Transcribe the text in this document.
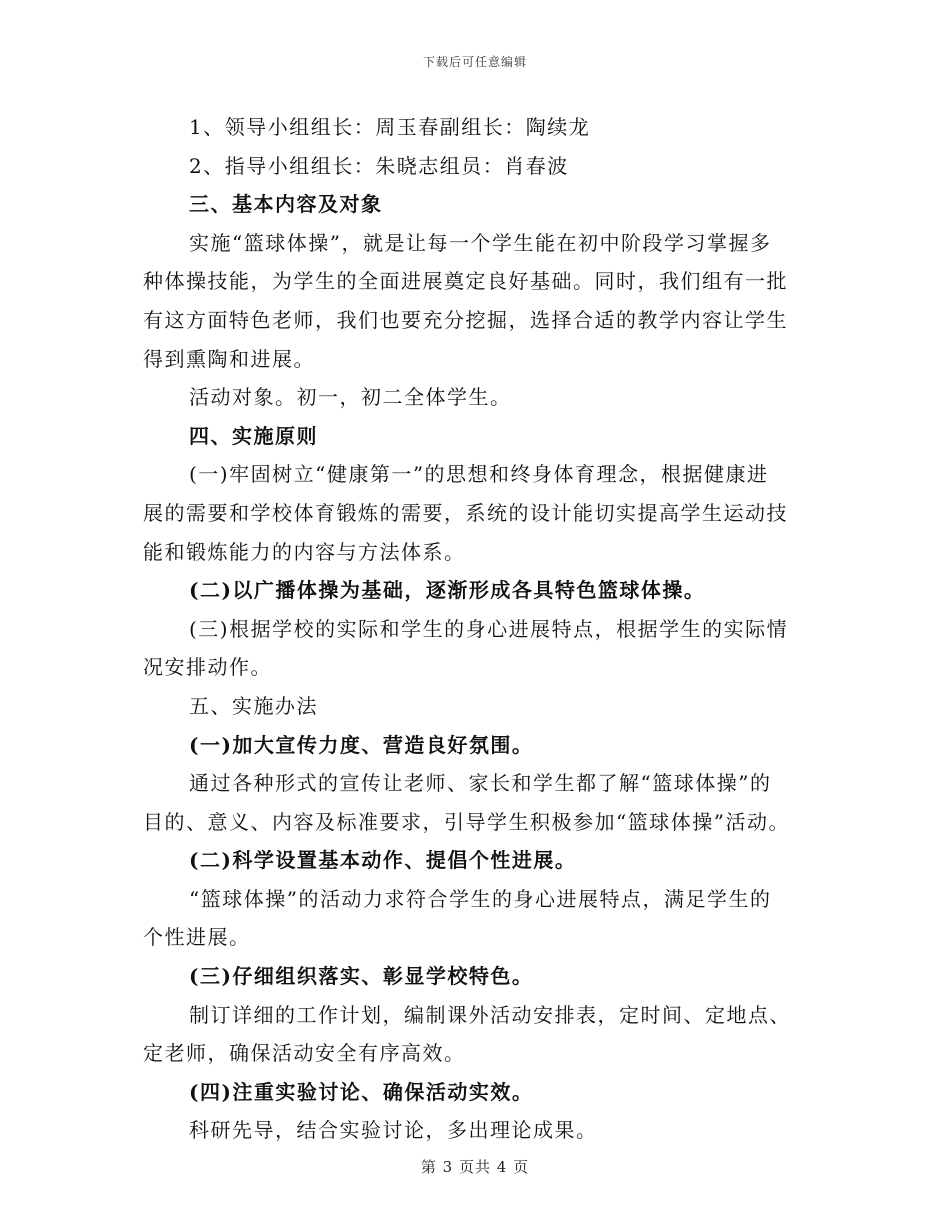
下载后可任意编辑

1、领导小组组长：周玉春副组长：陶续龙

2、指导小组组长：朱晓志组员：肖春波

三、基本内容及对象

实施“篮球体操”，就是让每一个学生能在初中阶段学习掌握多
种体操技能，为学生的全面进展奠定良好基础。同时，我们组有一批
有这方面特色老师，我们也要充分挖掘，选择合适的教学内容让学生
得到熏陶和进展。

活动对象。初一，初二全体学生。

四、实施原则

(一)牢固树立“健康第一”的思想和终身体育理念，根据健康进
展的需要和学校体育锻炼的需要，系统的设计能切实提高学生运动技
能和锻炼能力的内容与方法体系。

(二)以广播体操为基础，逐渐形成各具特色篮球体操。

(三)根据学校的实际和学生的身心进展特点，根据学生的实际情
况安排动作。

五、实施办法

(一)加大宣传力度、营造良好氛围。

通过各种形式的宣传让老师、家长和学生都了解“篮球体操”的
目的、意义、内容及标准要求，引导学生积极参加“篮球体操”活动。

(二)科学设置基本动作、提倡个性进展。

“篮球体操”的活动力求符合学生的身心进展特点，满足学生的
个性进展。

(三)仔细组织落实、彰显学校特色。

制订详细的工作计划，编制课外活动安排表，定时间、定地点、
定老师，确保活动安全有序高效。

(四)注重实验讨论、确保活动实效。

科研先导，结合实验讨论，多出理论成果。

第 3 页共 4 页
